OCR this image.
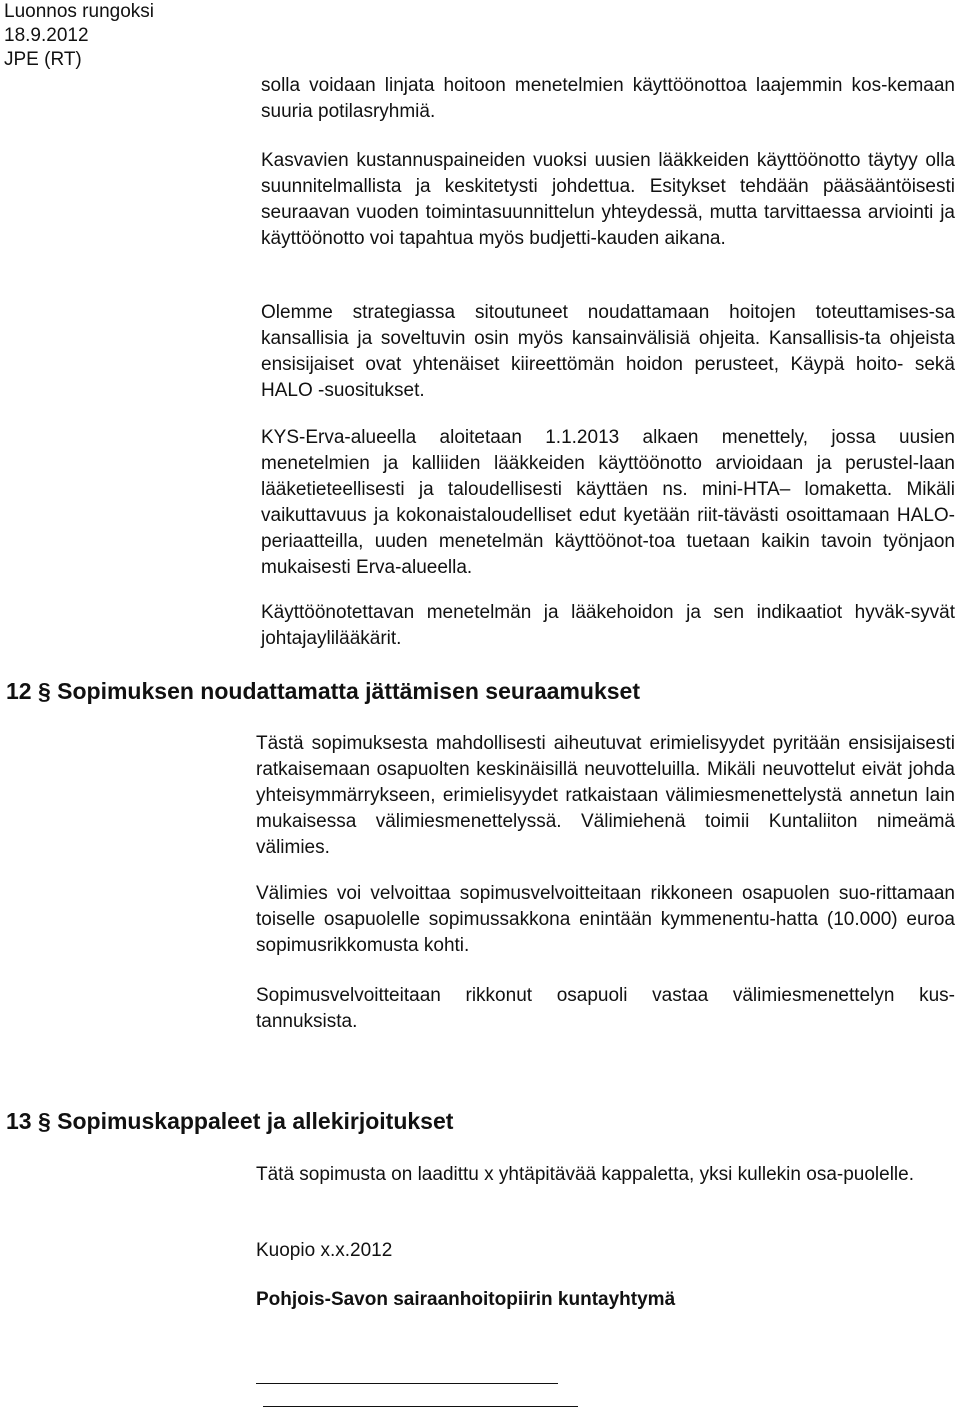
Luonnos rungoksi
18.9.2012
JPE (RT)
solla voidaan linjata hoitoon menetelmien käyttöönottoa laajemmin kos-kemaan suuria potilasryhmiä.
Kasvavien kustannuspaineiden vuoksi uusien lääkkeiden käyttöönotto täytyy olla suunnitelmallista ja keskitetysti johdettua. Esitykset tehdään pääsääntöisesti seuraavan vuoden toimintasuunnittelun yhteydessä, mutta tarvittaessa arviointi ja käyttöönotto voi tapahtua myös budjetti-kauden aikana.
Olemme strategiassa sitoutuneet noudattamaan hoitojen toteuttamises-sa kansallisia ja soveltuvin osin myös kansainvälisiä ohjeita. Kansallisis-ta ohjeista ensisijaiset ovat yhtenäiset kiireettömän hoidon perusteet, Käypä hoito- sekä HALO -suositukset.
KYS-Erva-alueella aloitetaan 1.1.2013 alkaen menettely, jossa uusien menetelmien ja kalliiden lääkkeiden käyttöönotto arvioidaan ja perustel-laan lääketieteellisesti ja taloudellisesti käyttäen ns. mini-HTA– lomaketta. Mikäli vaikuttavuus ja kokonaistaloudelliset edut kyetään riit-tävästi osoittamaan HALO-periaatteilla, uuden menetelmän käyttöönot-toa tuetaan kaikin tavoin työnjaon mukaisesti Erva-alueella.
Käyttöönotettavan menetelmän ja lääkehoidon ja sen indikaatiot hyväk-syvät johtajaylilääkärit.
12 § Sopimuksen noudattamatta jättämisen seuraamukset
Tästä sopimuksesta mahdollisesti aiheutuvat erimielisyydet pyritään ensisijaisesti ratkaisemaan osapuolten keskinäisillä neuvotteluilla. Mikäli neuvottelut eivät johda yhteisymmärrykseen, erimielisyydet ratkaistaan välimiesmenettelystä annetun lain mukaisessa välimiesmenettelyssä. Välimiehenä toimii Kuntaliiton nimeämä välimies.
Välimies voi velvoittaa sopimusvelvoitteitaan rikkoneen osapuolen suo-rittamaan toiselle osapuolelle sopimussakkona enintään kymmenentu-hatta (10.000) euroa sopimusrikkomusta kohti.
Sopimusvelvoitteitaan rikkonut osapuoli vastaa välimiesmenettelyn kus-tannuksista.
13 § Sopimuskappaleet ja allekirjoitukset
Tätä sopimusta on laadittu x yhtäpitävää kappaletta, yksi kullekin osa-puolelle.
Kuopio x.x.2012
Pohjois-Savon sairaanhoitopiirin kuntayhtymä
